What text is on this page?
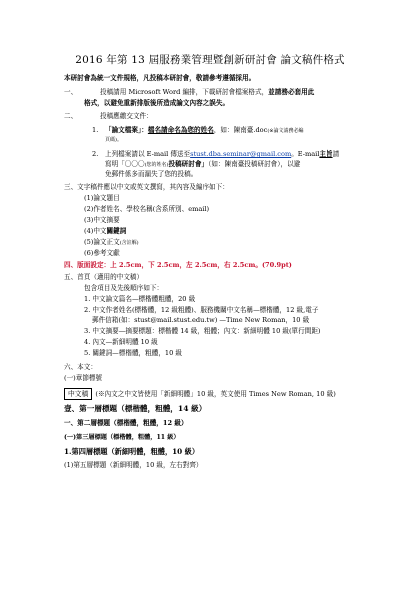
2016 年第 13 屆服務業管理暨創新研討會 論文稿件格式
本研討會為統一文件規格，凡投稿本研討會，敬請參考遵循採用。
一、	投稿請用 Microsoft Word 編排，下載研討會檔案格式，並請務必套用此
格式，以避免重新排版後所造成論文內容之誤失。
二、	投稿應繳交文件：
1. 「論文檔案」：檔名請命名為您的姓名，如：陳南臺.doc(※論文請務必編
頁碼)。
2. 上列檔案請以 E-mail 傳送至stust.dba.seminar@gmail.com。E-mail主旨請
寫明「〇〇〇(您的姓名)投稿研討會」（如：陳南臺投稿研討會），以避
免郵件係多而漏失了您的投稿。
三、文字稿件應以中文或英文撰寫，其內容及編序如下：
(1)論文題目
(2)作者姓名、學校名稱(含系所別、email)
(3)中文摘要
(4)中文關鍵詞
(5)論文正文(含註解)
(6)參考文獻
四、版面設定：上 2.5cm，下 2.5cm，左 2.5cm，右 2.5cm。(70.9pt)
五、首頁（適用的中文稿）
包含項目及先後順序如下：
1. 中文論文篇名—標楷體粗體，20 級
2. 中文作者姓名(標楷體，12 級粗體)、服務機關中文名稱—標楷體，12 級,電子
郵件信箱(如：stust@mail.stust.edu.tw) —Time New Roman，10 級
3. 中文摘要—摘要標題：標楷體 14 級，粗體；內文：新細明體 10 級(單行間距)
4. 內文—新細明體 10 級
5. 關鍵詞—標楷體，粗體，10 級
六、本文：
(一)章節標號
中文稿 (※內文之中文皆使用「新細明體」10 級，英文使用 Times New Roman, 10 級)
壹、第一層標題（標楷體，粗體，14 級）
一、第二層標題（標楷體，粗體，12 級）
(一)第三層標題（標楷體，粗體，11 級）
1.第四層標題（新細明體，粗體，10 級）
(1)第五層標題（新細明體，10 級，左右對齊）
